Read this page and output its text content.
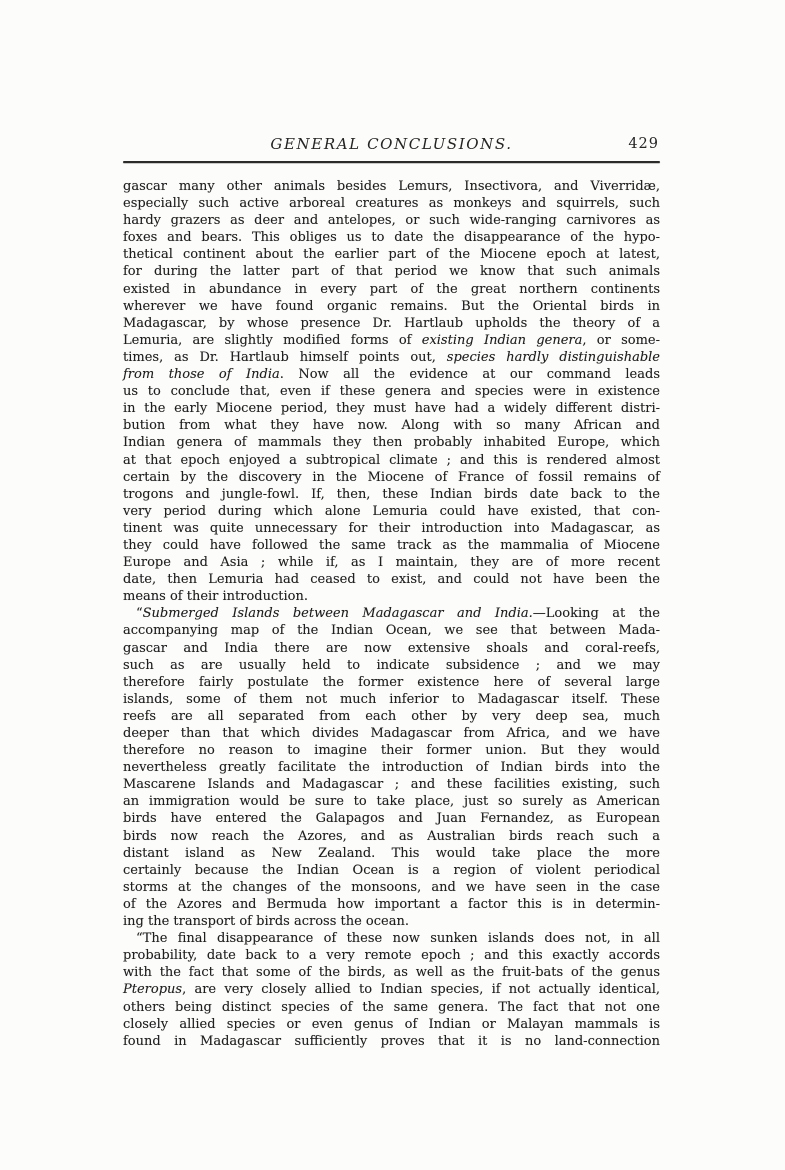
GENERAL CONCLUSIONS.	429
gascar many other animals besides Lemurs, Insectivora, and Viverridæ,
especially such active arboreal creatures as monkeys and squirrels, such
hardy grazers as deer and antelopes, or such wide-ranging carnivores as
foxes and bears. This obliges us to date the disappearance of the hypo-
thetical continent about the earlier part of the Miocene epoch at latest,
for during the latter part of that period we know that such animals
existed in abundance in every part of the great northern continents
wherever we have found organic remains. But the Oriental birds in
Madagascar, by whose presence Dr. Hartlaub upholds the theory of a
Lemuria, are slightly modified forms of existing Indian genera, or some-
times, as Dr. Hartlaub himself points out, species hardly distinguishable
from those of India. Now all the evidence at our command leads
us to conclude that, even if these genera and species were in existence
in the early Miocene period, they must have had a widely different distri-
bution from what they have now. Along with so many African and
Indian genera of mammals they then probably inhabited Europe, which
at that epoch enjoyed a subtropical climate ; and this is rendered almost
certain by the discovery in the Miocene of France of fossil remains of
trogons and jungle-fowl. If, then, these Indian birds date back to the
very period during which alone Lemuria could have existed, that con-
tinent was quite unnecessary for their introduction into Madagascar, as
they could have followed the same track as the mammalia of Miocene
Europe and Asia ; while if, as I maintain, they are of more recent
date, then Lemuria had ceased to exist, and could not have been the
means of their introduction.
“Submerged Islands between Madagascar and India.—Looking at the
accompanying map of the Indian Ocean, we see that between Mada-
gascar and India there are now extensive shoals and coral-reefs,
such as are usually held to indicate subsidence ; and we may
therefore fairly postulate the former existence here of several large
islands, some of them not much inferior to Madagascar itself. These
reefs are all separated from each other by very deep sea, much
deeper than that which divides Madagascar from Africa, and we have
therefore no reason to imagine their former union. But they would
nevertheless greatly facilitate the introduction of Indian birds into the
Mascarene Islands and Madagascar ; and these facilities existing, such
an immigration would be sure to take place, just so surely as American
birds have entered the Galapagos and Juan Fernandez, as European
birds now reach the Azores, and as Australian birds reach such a
distant island as New Zealand. This would take place the more
certainly because the Indian Ocean is a region of violent periodical
storms at the changes of the monsoons, and we have seen in the case
of the Azores and Bermuda how important a factor this is in determin-
ing the transport of birds across the ocean.
“The final disappearance of these now sunken islands does not, in all
probability, date back to a very remote epoch ; and this exactly accords
with the fact that some of the birds, as well as the fruit-bats of the genus
Pteropus, are very closely allied to Indian species, if not actually identical,
others being distinct species of the same genera. The fact that not one
closely allied species or even genus of Indian or Malayan mammals is
found in Madagascar sufficiently proves that it is no land-connection
